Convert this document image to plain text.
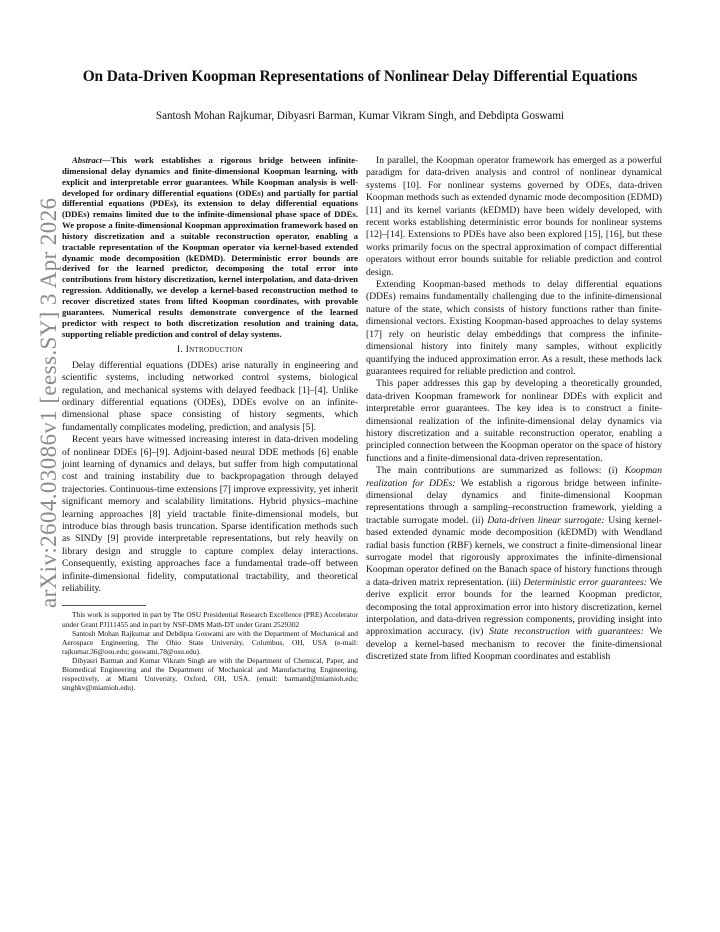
On Data-Driven Koopman Representations of Nonlinear Delay Differential Equations
Santosh Mohan Rajkumar, Dibyasri Barman, Kumar Vikram Singh, and Debdipta Goswami
arXiv:2604.03086v1 [eess.SY] 3 Apr 2026

Abstract—This work establishes a rigorous bridge between infinite-dimensional delay dynamics and finite-dimensional Koopman learning, with explicit and interpretable error guarantees. While Koopman analysis is well-developed for ordinary differential equations (ODEs) and partially for partial differential equations (PDEs), its extension to delay differential equations (DDEs) remains limited due to the infinite-dimensional phase space of DDEs. We propose a finite-dimensional Koopman approximation framework based on history discretization and a suitable reconstruction operator, enabling a tractable representation of the Koopman operator via kernel-based extended dynamic mode decomposition (kEDMD). Deterministic error bounds are derived for the learned predictor, decomposing the total error into contributions from history discretization, kernel interpolation, and data-driven regression. Additionally, we develop a kernel-based reconstruction method to recover discretized states from lifted Koopman coordinates, with provable guarantees. Numerical results demonstrate convergence of the learned predictor with respect to both discretization resolution and training data, supporting reliable prediction and control of delay systems.

I. Introduction

Delay differential equations (DDEs) arise naturally in engineering and scientific systems, including networked control systems, biological regulation, and mechanical systems with delayed feedback [1]–[4]. Unlike ordinary differential equations (ODEs), DDEs evolve on an infinite-dimensional phase space consisting of history segments, which fundamentally complicates modeling, prediction, and analysis [5].

Recent years have witnessed increasing interest in data-driven modeling of nonlinear DDEs [6]–[9]. Adjoint-based neural DDE methods [6] enable joint learning of dynamics and delays, but suffer from high computational cost and training instability due to backpropagation through delayed trajectories. Continuous-time extensions [7] improve expressivity, yet inherit significant memory and scalability limitations. Hybrid physics–machine learning approaches [8] yield tractable finite-dimensional models, but introduce bias through basis truncation. Sparse identification methods such as SINDy [9] provide interpretable representations, but rely heavily on library design and struggle to capture complex delay interactions. Consequently, existing approaches face a fundamental trade-off between infinite-dimensional fidelity, computational tractability, and theoretical reliability.

This work is supported in part by The OSU Presidential Research Excellence (PRE) Accelerator under Grant PJ111455 and in part by NSF-DMS Math-DT under Grant 2529302

Santosh Mohan Rajkumar and Debdipta Goswami are with the Department of Mechanical and Aerospace Engineering, The Ohio State University, Columbus, OH, USA (e-mail: rajkumar.36@osu.edu; goswami.78@osu.edu).

Dibyasri Barman and Kumar Vikram Singh are with the Department of Chemical, Paper, and Biomedical Engineering and the Department of Mechanical and Manufacturing Engineering, respectively, at Miami University, Oxford, OH, USA. (email: barmand@miamioh.edu; singhkv@miamioh.edu).

In parallel, the Koopman operator framework has emerged as a powerful paradigm for data-driven analysis and control of nonlinear dynamical systems [10]. For nonlinear systems governed by ODEs, data-driven Koopman methods such as extended dynamic mode decomposition (EDMD) [11] and its kernel variants (kEDMD) have been widely developed, with recent works establishing deterministic error bounds for nonlinear systems [12]–[14]. Extensions to PDEs have also been explored [15], [16], but these works primarily focus on the spectral approximation of compact differential operators without error bounds suitable for reliable prediction and control design.

Extending Koopman-based methods to delay differential equations (DDEs) remains fundamentally challenging due to the infinite-dimensional nature of the state, which consists of history functions rather than finite-dimensional vectors. Existing Koopman-based approaches to delay systems [17] rely on heuristic delay embeddings that compress the infinite-dimensional history into finitely many samples, without explicitly quantifying the induced approximation error. As a result, these methods lack guarantees required for reliable prediction and control.

This paper addresses this gap by developing a theoretically grounded, data-driven Koopman framework for nonlinear DDEs with explicit and interpretable error guarantees. The key idea is to construct a finite-dimensional realization of the infinite-dimensional delay dynamics via history discretization and a suitable reconstruction operator, enabling a principled connection between the Koopman operator on the space of history functions and a finite-dimensional data-driven representation.

The main contributions are summarized as follows: (i) Koopman realization for DDEs: We establish a rigorous bridge between infinite-dimensional delay dynamics and finite-dimensional Koopman representations through a sampling–reconstruction framework, yielding a tractable surrogate model. (ii) Data-driven linear surrogate: Using kernel-based extended dynamic mode decomposition (kEDMD) with Wendland radial basis function (RBF) kernels, we construct a finite-dimensional linear surrogate model that rigorously approximates the infinite-dimensional Koopman operator defined on the Banach space of history functions through a data-driven matrix representation. (iii) Deterministic error guarantees: We derive explicit error bounds for the learned Koopman predictor, decomposing the total approximation error into history discretization, kernel interpolation, and data-driven regression components, providing insight into approximation accuracy. (iv) State reconstruction with guarantees: We develop a kernel-based mechanism to recover the finite-dimensional discretized state from lifted Koopman coordinates and establish
